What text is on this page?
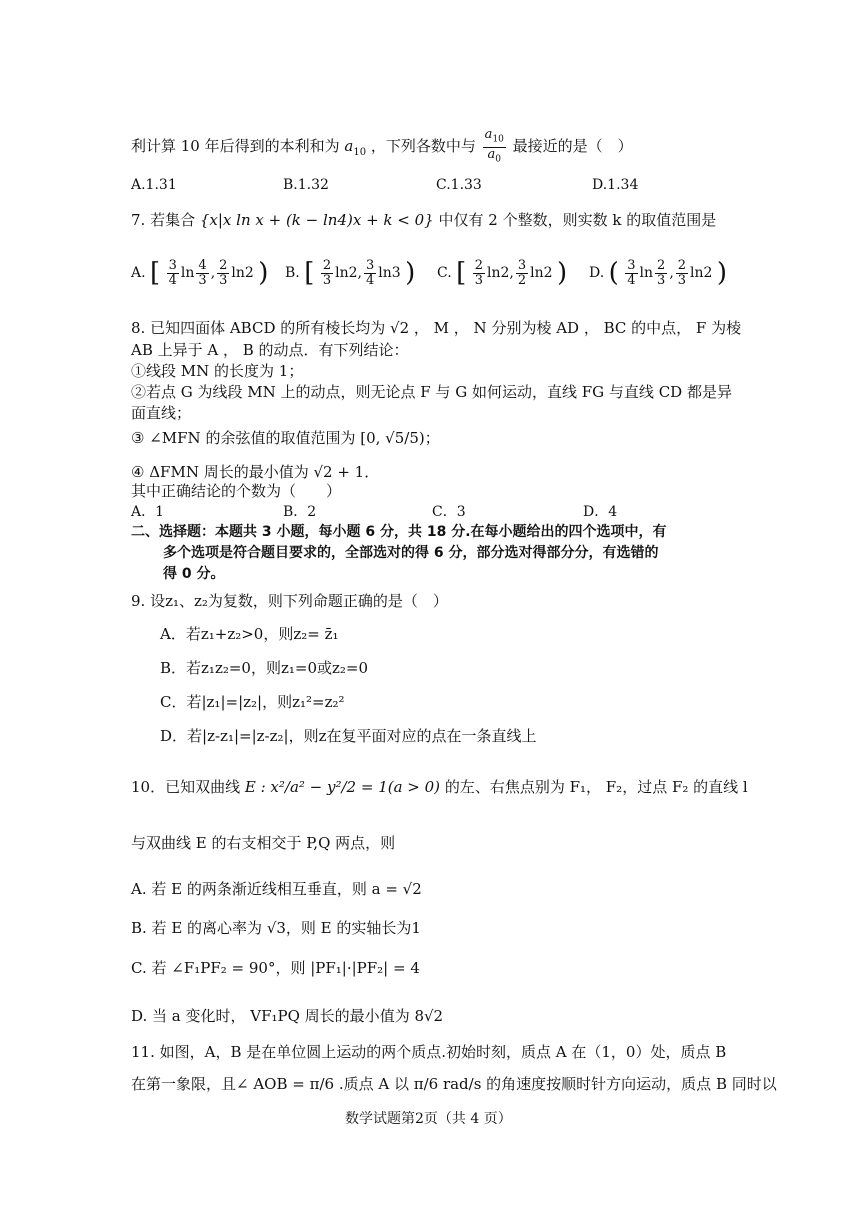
利计算 10 年后得到的本利和为 $a_{10}$ ，下列各数中与 $\frac{a_{10}}{a_0}$ 最接近的是（　）
A.1.31	B.1.32	C.1.33	D.1.34
7. 若集合 {x|x ln x + (k − ln4)x + k < 0} 中仅有 2 个整数，则实数 k 的取值范围是
A. [ $\frac{3}{4}$ $\ln \frac{4}{3}$ , $\frac{2}{3} \ln 2$ ) B. [ $\frac{2}{3} \ln 2$, $\frac{3}{4} \ln 3$ ) C. [ $\frac{2}{3} \ln 2$, $\frac{3}{2} \ln 2$ ) D. ( $\frac{3}{4}$ $\ln \frac{2}{3}$ , $\frac{2}{3} \ln 2$ )
8. 已知四面体 ABCD 的所有棱长均为 √2 ， M ， N 分别为棱 AD ， BC 的中点， F 为棱
AB 上异于 A ， B 的动点．有下列结论：
①线段 MN 的长度为 1；
②若点 G 为线段 MN 上的动点，则无论点 F 与 G 如何运动，直线 FG 与直线 CD 都是异
面直线；
③ ∠MFN 的余弦值的取值范围为 [0, √5/5)；
④ ΔFMN 周长的最小值为 √2 + 1．
其中正确结论的个数为（　　）
A．1	B．2	C．3	D．4
二、选择题：本题共 3 小题，每小题 6 分，共 18 分.在每小题给出的四个选项中，有
多个选项是符合题目要求的，全部选对的得 6 分，部分选对得部分分，有选错的
得 0 分。
9. 设z₁、z₂为复数，则下列命题正确的是（　）
A．若z₁+z₂>0，则z₂= z̄₁
B．若z₁z₂=0，则z₁=0或z₂=0
C．若|z₁|=|z₂|，则z₁²=z₂²
D．若|z-z₁|=|z-z₂|，则z在复平面对应的点在一条直线上
10．已知双曲线 E : x²/a² − y²/2 = 1(a > 0) 的左、右焦点别为 F₁， F₂，过点 F₂ 的直线 l
与双曲线 E 的右支相交于 P,Q 两点，则
A. 若 E 的两条渐近线相互垂直，则 a = √2
B. 若 E 的离心率为 √3，则 E 的实轴长为1
C. 若 ∠F₁PF₂ = 90°，则 |PF₁|·|PF₂| = 4
D. 当 a 变化时， VF₁PQ 周长的最小值为 8√2
11. 如图，A，B 是在单位圆上运动的两个质点.初始时刻，质点 A 在（1，0）处，质点 B
在第一象限，且∠ AOB = π/6 .质点 A 以 π/6 rad/s 的角速度按顺时针方向运动，质点 B 同时以
数学试题第2页（共 4 页）
